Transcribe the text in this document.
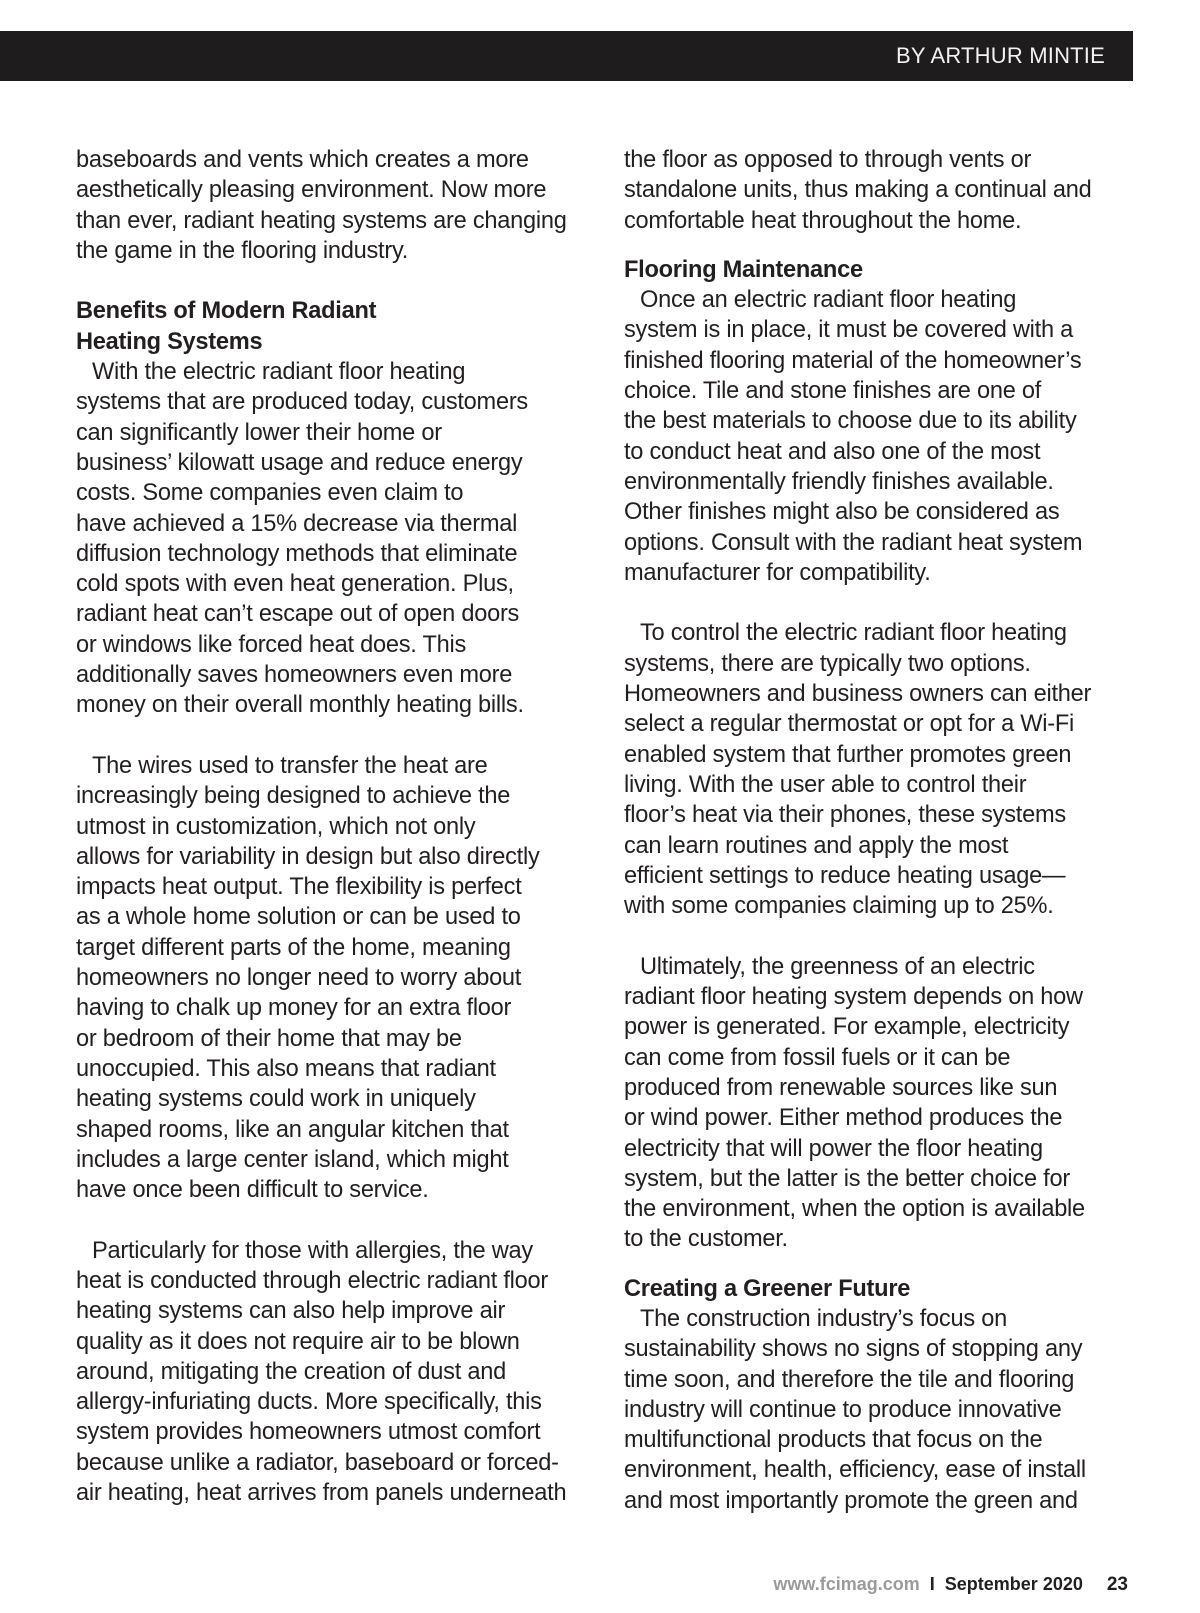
BY ARTHUR MINTIE
baseboards and vents which creates a more
aesthetically pleasing environment. Now more
than ever, radiant heating systems are changing
the game in the flooring industry.
Benefits of Modern Radiant
Heating Systems
With the electric radiant floor heating
systems that are produced today, customers
can significantly lower their home or
business’ kilowatt usage and reduce energy
costs. Some companies even claim to
have achieved a 15% decrease via thermal
diffusion technology methods that eliminate
cold spots with even heat generation. Plus,
radiant heat can’t escape out of open doors
or windows like forced heat does. This
additionally saves homeowners even more
money on their overall monthly heating bills.
The wires used to transfer the heat are
increasingly being designed to achieve the
utmost in customization, which not only
allows for variability in design but also directly
impacts heat output. The flexibility is perfect
as a whole home solution or can be used to
target different parts of the home, meaning
homeowners no longer need to worry about
having to chalk up money for an extra floor
or bedroom of their home that may be
unoccupied. This also means that radiant
heating systems could work in uniquely
shaped rooms, like an angular kitchen that
includes a large center island, which might
have once been difficult to service.
Particularly for those with allergies, the way
heat is conducted through electric radiant floor
heating systems can also help improve air
quality as it does not require air to be blown
around, mitigating the creation of dust and
allergy-infuriating ducts. More specifically, this
system provides homeowners utmost comfort
because unlike a radiator, baseboard or forced-
air heating, heat arrives from panels underneath
the floor as opposed to through vents or
standalone units, thus making a continual and
comfortable heat throughout the home.
Flooring Maintenance
Once an electric radiant floor heating
system is in place, it must be covered with a
finished flooring material of the homeowner’s
choice. Tile and stone finishes are one of
the best materials to choose due to its ability
to conduct heat and also one of the most
environmentally friendly finishes available.
Other finishes might also be considered as
options. Consult with the radiant heat system
manufacturer for compatibility.
To control the electric radiant floor heating
systems, there are typically two options.
Homeowners and business owners can either
select a regular thermostat or opt for a Wi-Fi
enabled system that further promotes green
living. With the user able to control their
floor’s heat via their phones, these systems
can learn routines and apply the most
efficient settings to reduce heating usage—
with some companies claiming up to 25%.
Ultimately, the greenness of an electric
radiant floor heating system depends on how
power is generated. For example, electricity
can come from fossil fuels or it can be
produced from renewable sources like sun
or wind power. Either method produces the
electricity that will power the floor heating
system, but the latter is the better choice for
the environment, when the option is available
to the customer.
Creating a Greener Future
The construction industry’s focus on
sustainability shows no signs of stopping any
time soon, and therefore the tile and flooring
industry will continue to produce innovative
multifunctional products that focus on the
environment, health, efficiency, ease of install
and most importantly promote the green and
www.fcimag.com I September 2020 23
